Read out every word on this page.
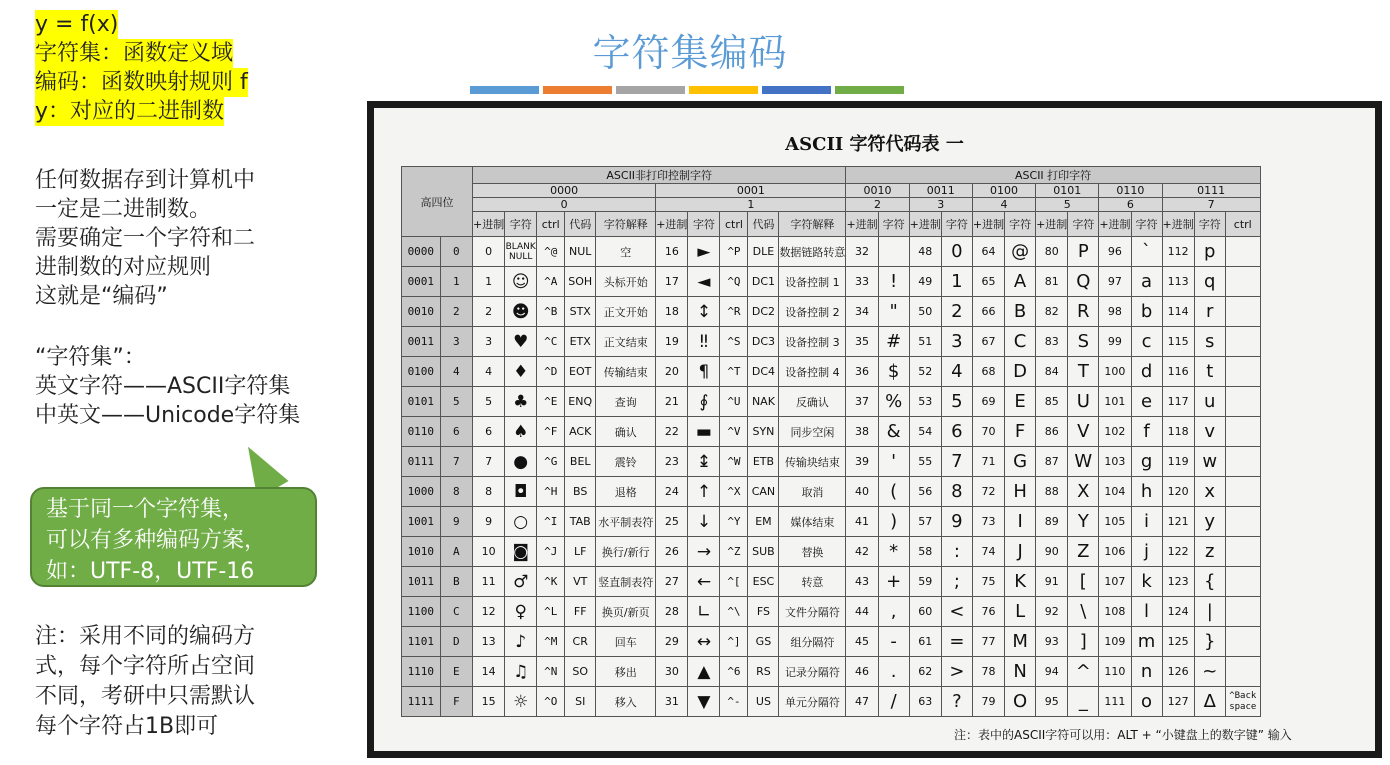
y = f(x)
字符集：函数定义域
编码：函数映射规则 f
y：对应的二进制数
任何数据存到计算机中
一定是二进制数。
需要确定一个字符和二
进制数的对应规则
这就是“编码”
“字符集”：
英文字符——ASCII字符集
中英文——Unicode字符集
基于同一个字符集，
可以有多种编码方案，
如：UTF-8，UTF-16
注：采用不同的编码方
式，每个字符所占空间
不同，考研中只需默认
每个字符占1B即可
字符集编码
ASCII 字符代码表 一
高四位		ASCII非打印控制字符										ASCII 打印字符												
		0000					0001					0010		0011		0100		0101		0110		0111		
		0					1					2		3		4		5		6		7		
		+进制	字符	ctrl	代码	字符解释	+进制	字符	ctrl	代码	字符解释	+进制	字符	+进制	字符	+进制	字符	+进制	字符	+进制	字符	+进制	字符	ctrl
0000	0	0	BLANK NULL	^@	NUL	空	16	►	^P	DLE	数据链路转意	32		48	0	64	@	80	P	96	`	112	p	
0001	1	1	☺	^A	SOH	头标开始	17	◄	^Q	DC1	设备控制 1	33	!	49	1	65	A	81	Q	97	a	113	q	
0010	2	2	☻	^B	STX	正文开始	18	↕	^R	DC2	设备控制 2	34	"	50	2	66	B	82	R	98	b	114	r	
0011	3	3	♥	^C	ETX	正文结束	19	‼	^S	DC3	设备控制 3	35	#	51	3	67	C	83	S	99	c	115	s	
0100	4	4	♦	^D	EOT	传输结束	20	¶	^T	DC4	设备控制 4	36	$	52	4	68	D	84	T	100	d	116	t	
0101	5	5	♣	^E	ENQ	查询	21	∮	^U	NAK	反确认	37	%	53	5	69	E	85	U	101	e	117	u	
0110	6	6	♠	^F	ACK	确认	22	▬	^V	SYN	同步空闲	38	&	54	6	70	F	86	V	102	f	118	v	
0111	7	7	●	^G	BEL	震铃	23	↨	^W	ETB	传输块结束	39	'	55	7	71	G	87	W	103	g	119	w	
1000	8	8	◘	^H	BS	退格	24	↑	^X	CAN	取消	40	(	56	8	72	H	88	X	104	h	120	x	
1001	9	9	○	^I	TAB	水平制表符	25	↓	^Y	EM	媒体结束	41	)	57	9	73	I	89	Y	105	i	121	y	
1010	A	10	◙	^J	LF	换行/新行	26	→	^Z	SUB	替换	42	*	58	:	74	J	90	Z	106	j	122	z	
1011	B	11	♂	^K	VT	竖直制表符	27	←	^[	ESC	转意	43	+	59	;	75	K	91	[	107	k	123	{	
1100	C	12	♀	^L	FF	换页/新页	28	∟	^\	FS	文件分隔符	44	,	60	<	76	L	92	\	108	l	124	|	
1101	D	13	♪	^M	CR	回车	29	↔	^]	GS	组分隔符	45	-	61	=	77	M	93	]	109	m	125	}	
1110	E	14	♫	^N	SO	移出	30	▲	^6	RS	记录分隔符	46	.	62	>	78	N	94	^	110	n	126	~	
1111	F	15	☼	^O	SI	移入	31	▼	^-	US	单元分隔符	47	/	63	?	79	O	95	_	111	o	127	Δ	^Back space
注：表中的ASCII字符可以用：ALT + “小键盘上的数字键” 输入
